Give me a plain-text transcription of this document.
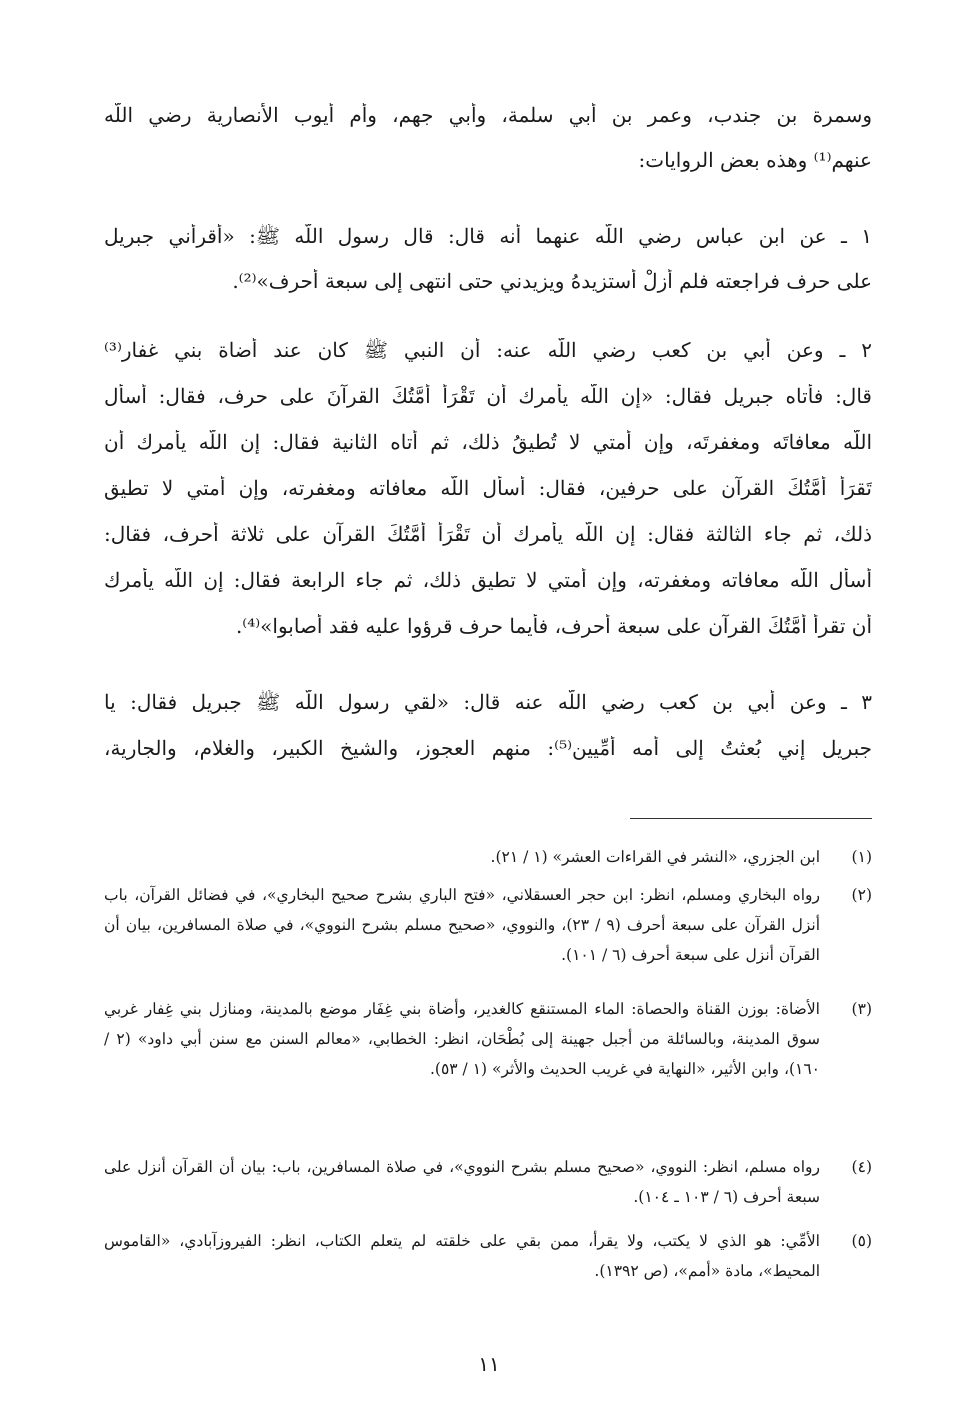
وسمرة بن جندب، وعمر بن أبي سلمة، وأبي جهم، وأم أيوب الأنصارية رضي اللّه
عنهم⁽¹⁾ وهذه بعض الروايات:
١ ـ عن ابن عباس رضي اللّه عنهما أنه قال: قال رسول اللّه ﷺ: «أقرأني جبريل
على حرف فراجعته فلم أزلْ أستزيدهُ ويزيدني حتى انتهى إلى سبعة أحرف»⁽²⁾.
٢ ـ وعن أبي بن كعب رضي اللّه عنه: أن النبي ﷺ كان عند أضاة بني غفار⁽³⁾
قال: فأتاه جبريل فقال: «إن اللّه يأمرك أن تَقْرَأَ أُمَّتُكَ القرآنَ على حرف، فقال: أسأل
اللّه معافاتَه ومغفرتَه، وإن أمتي لا تُطيقُ ذلك، ثم أتاه الثانية فقال: إن اللّه يأمرك أن
تَقرَأَ أُمَّتُكَ القرآن على حرفين، فقال: أسأل اللّه معافاته ومغفرته، وإن أمتي لا تطيق
ذلك، ثم جاء الثالثة فقال: إن اللّه يأمرك أن تَقْرَأَ أُمَّتُكَ القرآن على ثلاثة أحرف، فقال:
أسأل اللّه معافاته ومغفرته، وإن أمتي لا تطيق ذلك، ثم جاء الرابعة فقال: إن اللّه يأمرك
أن تقرأ أمَّتُكَ القرآن على سبعة أحرف، فأيما حرف قرؤوا عليه فقد أصابوا»⁽⁴⁾.
٣ ـ وعن أبي بن كعب رضي اللّه عنه قال: «لقي رسول اللّه ﷺ جبريل فقال: يا
جبريل إني بُعثتُ إلى أمه أُمِّيين⁽⁵⁾: منهم العجوز، والشيخ الكبير، والغلام، والجارية،
(١)
ابن الجزري، «النشر في القراءات العشر» (١ / ٢١).
(٢)
رواه البخاري ومسلم، انظر: ابن حجر العسقلاني، «فتح الباري بشرح صحيح البخاري»، في فضائل القرآن، باب أنزل القرآن على سبعة أحرف (٩ / ٢٣)، والنووي، «صحيح مسلم بشرح النووي»، في صلاة المسافرين، بيان أن القرآن أنزل على سبعة أحرف (٦ / ١٠١).
(٣)
الأضاة: بوزن القناة والحصاة: الماء المستنقع كالغدير، وأضاة بني غِفَار موضع بالمدينة، ومنازل بني غِفار غربي سوق المدينة، وبالسائلة من أجبل جهينة إلى بُطْحَان، انظر: الخطابي، «معالم السنن مع سنن أبي داود» (٢ / ١٦٠)، وابن الأثير، «النهاية في غريب الحديث والأثر» (١ / ٥٣).
(٤)
رواه مسلم، انظر: النووي، «صحيح مسلم بشرح النووي»، في صلاة المسافرين، باب: بيان أن القرآن أنزل على سبعة أحرف (٦ / ١٠٣ ـ ١٠٤).
(٥)
الأمِّي: هو الذي لا يكتب، ولا يقرأ، ممن بقي على خلقته لم يتعلم الكتاب، انظر: الفيروزآبادي، «القاموس المحيط»، مادة «أمم»، (ص ١٣٩٢).
١١
